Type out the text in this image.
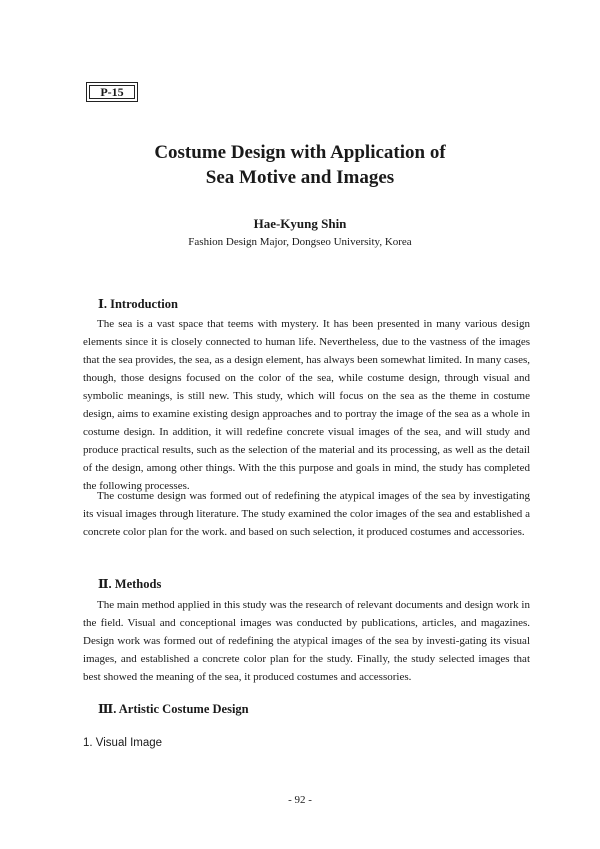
P-15
Costume Design with Application of
Sea Motive and Images
Hae-Kyung Shin
Fashion Design Major, Dongseo University, Korea
Ⅰ. Introduction

The sea is a vast space that teems with mystery. It has been presented in many various design elements since it is closely connected to human life. Nevertheless, due to the vastness of the images that the sea provides, the sea, as a design element, has always been somewhat limited. In many cases, though, those designs focused on the color of the sea, while costume design, through visual and symbolic meanings, is still new. This study, which will focus on the sea as the theme in costume design, aims to examine existing design approaches and to portray the image of the sea as a whole in costume design. In addition, it will redefine concrete visual images of the sea, and will study and produce practical results, such as the selection of the material and its processing, as well as the detail of the design, among other things. With the this purpose and goals in mind, the study has completed the following processes.

The costume design was formed out of redefining the atypical images of the sea by investigating its visual images through literature. The study examined the color images of the sea and established a concrete color plan for the work. and based on such selection, it produced costumes and accessories.

Ⅱ. Methods

The main method applied in this study was the research of relevant documents and design work in the field. Visual and conceptional images was conducted by publications, articles, and magazines. Design work was formed out of redefining the atypical images of the sea by investi-gating its visual images, and established a concrete color plan for the study. Finally, the study selected images that best showed the meaning of the sea, it produced costumes and accessories.

Ⅲ. Artistic Costume Design
1. Visual Image
- 92 -
